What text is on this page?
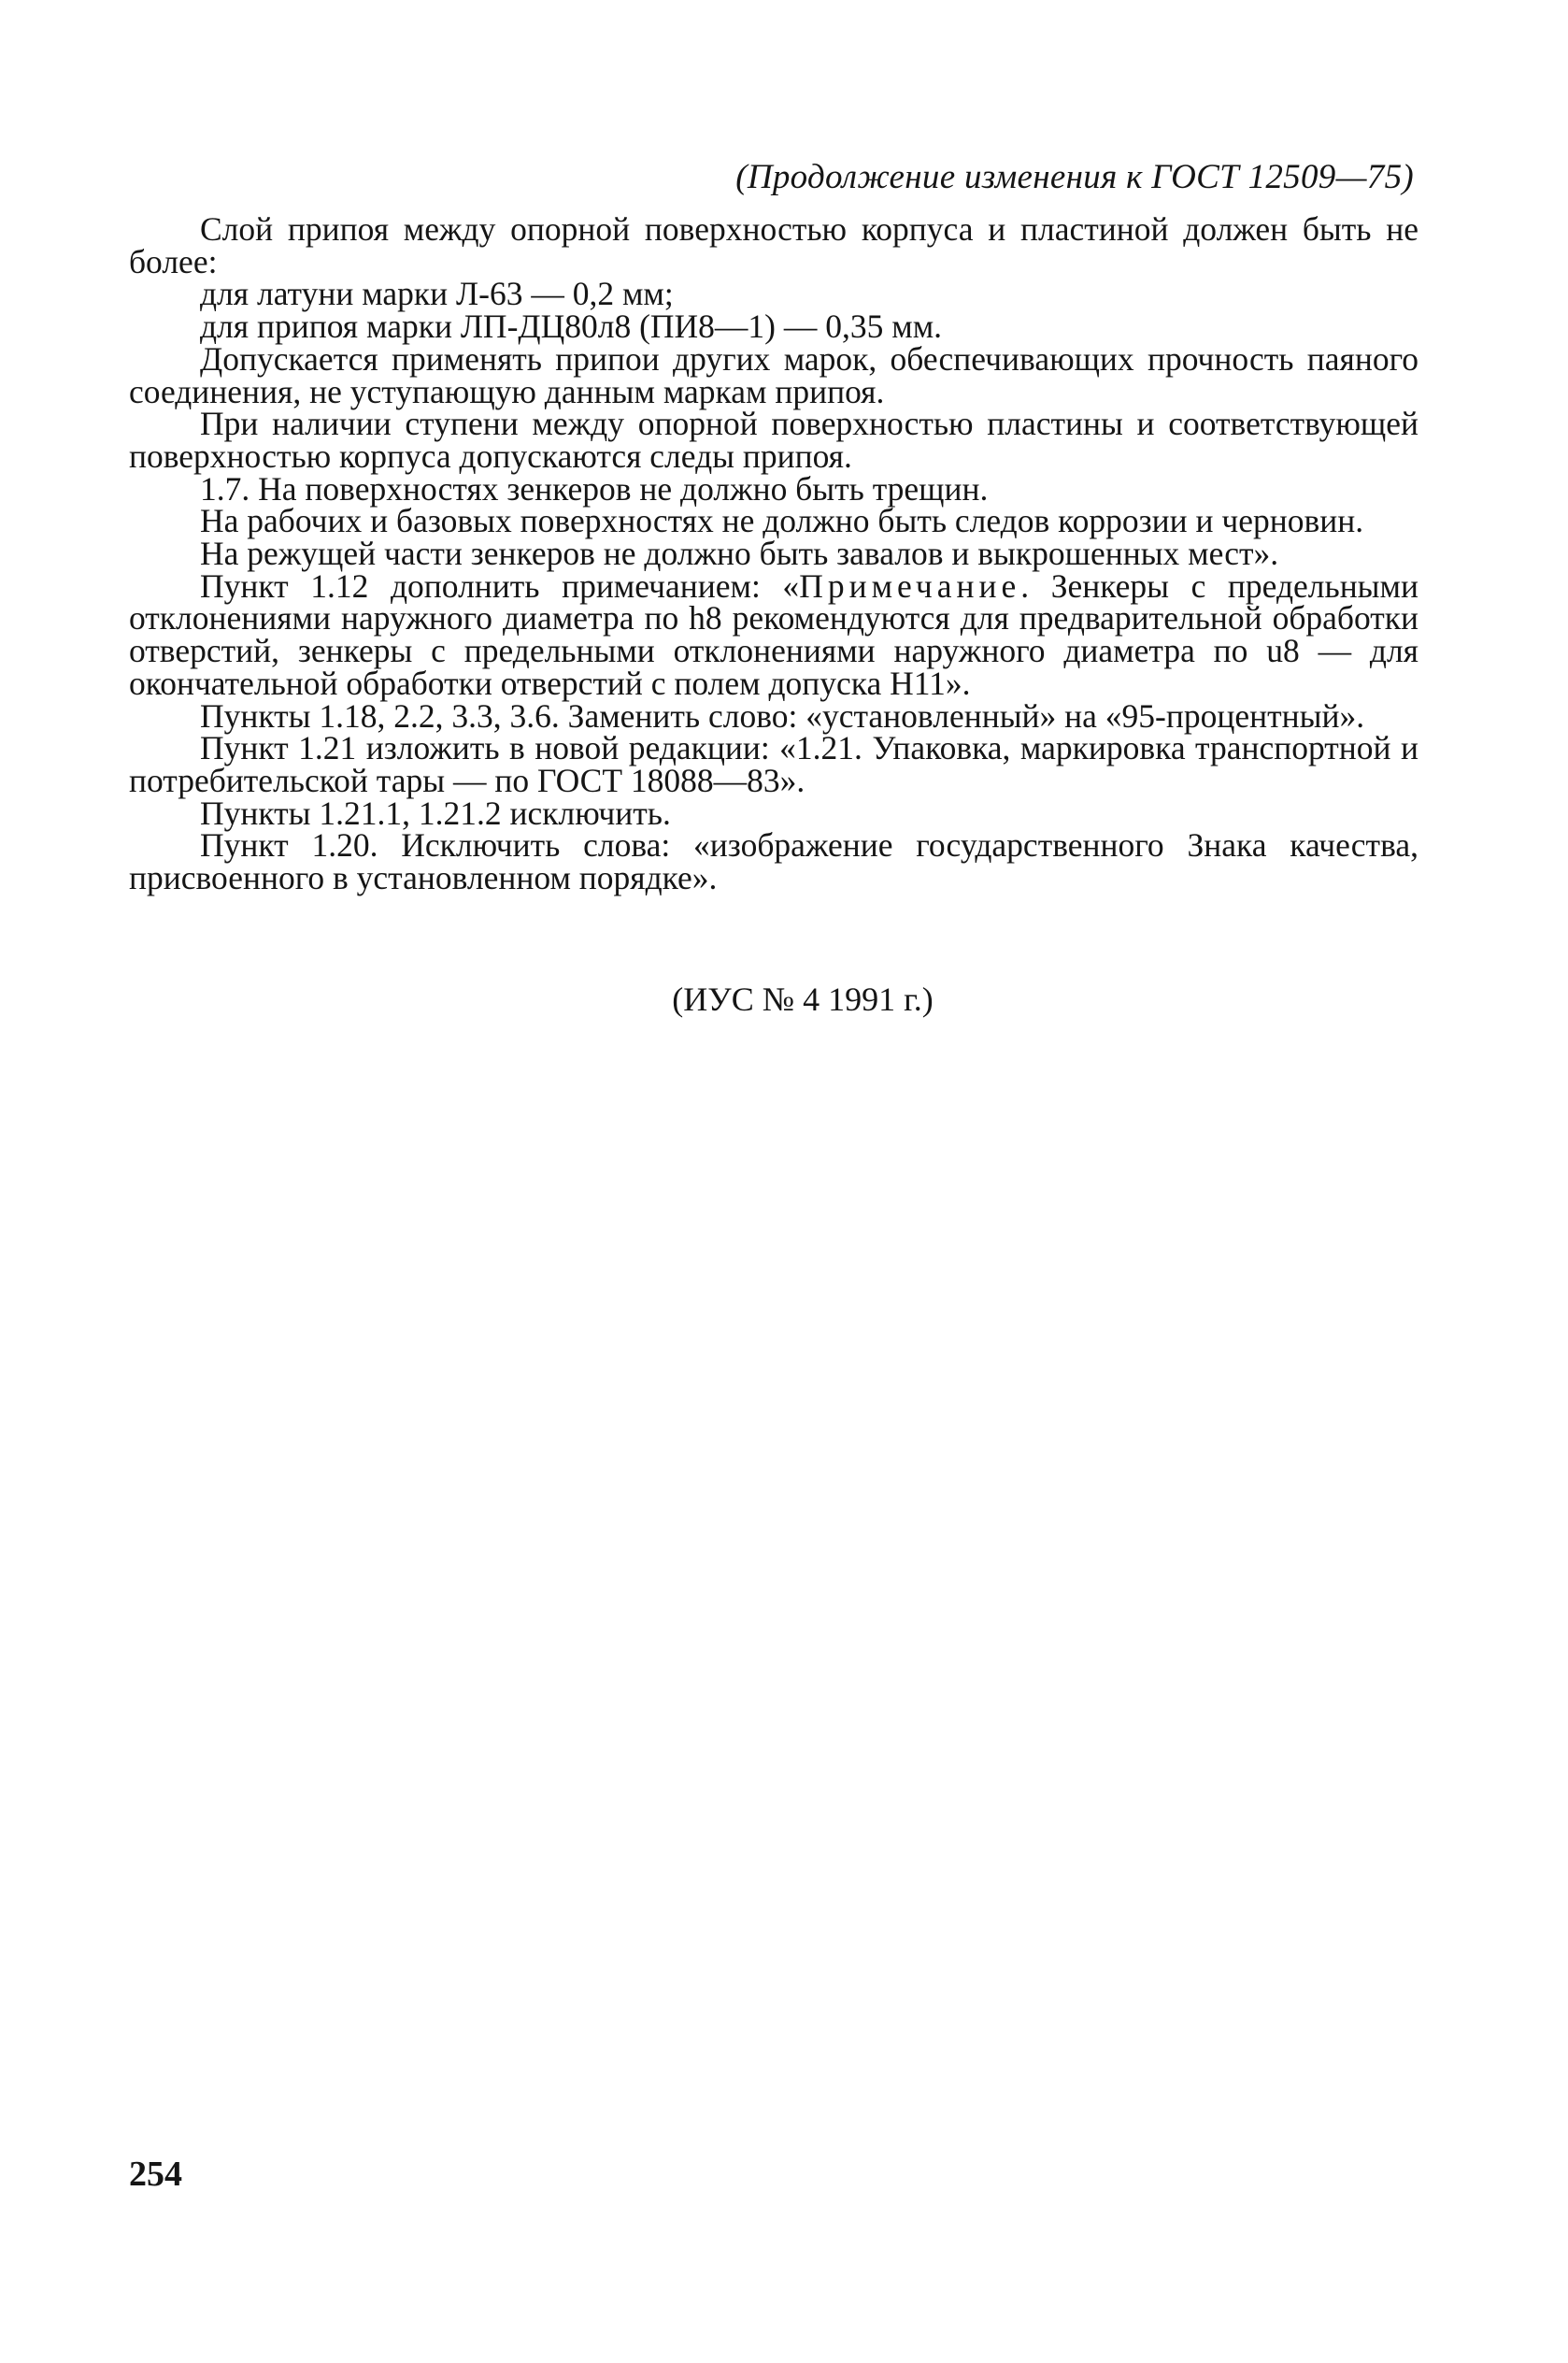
(Продолжение изменения к ГОСТ 12509—75)

Слой припоя между опорной поверхностью корпуса и пластиной должен быть не более:

для латуни марки Л-63 — 0,2 мм;

для припоя марки ЛП-ДЦ80л8 (ПИ8—1) — 0,35 мм.

Допускается применять припои других марок, обеспечивающих прочность паяного соединения, не уступающую данным маркам припоя.

При наличии ступени между опорной поверхностью пластины и соответствующей поверхностью корпуса допускаются следы припоя.

1.7. На поверхностях зенкеров не должно быть трещин.

На рабочих и базовых поверхностях не должно быть следов коррозии и черновин.

На режущей части зенкеров не должно быть завалов и выкрошенных мест».

Пункт 1.12 дополнить примечанием: «Примечание. Зенкеры с предельными отклонениями наружного диаметра по h8 рекомендуются для предварительной обработки отверстий, зенкеры с предельными отклонениями наружного диаметра по u8 — для окончательной обработки отверстий с полем допуска H11».

Пункты 1.18, 2.2, 3.3, 3.6. Заменить слово: «установленный» на «95-процентный».

Пункт 1.21 изложить в новой редакции: «1.21. Упаковка, маркировка транспортной и потребительской тары — по ГОСТ 18088—83».

Пункты 1.21.1, 1.21.2 исключить.

Пункт 1.20. Исключить слова: «изображение государственного Знака качества, присвоенного в установленном порядке».

(ИУС № 4 1991 г.)
254
